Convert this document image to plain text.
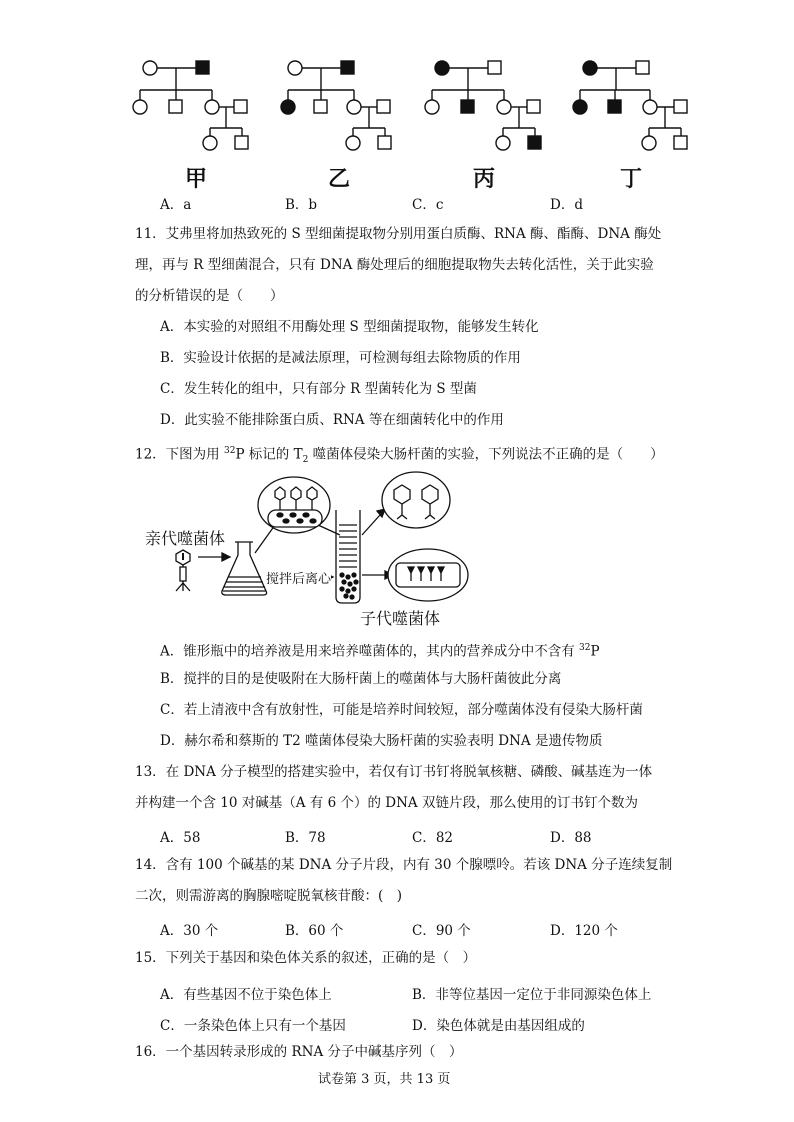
甲	乙	丙	丁
A．a	B．b	C．c	D．d
11．艾弗里将加热致死的 S 型细菌提取物分别用蛋白质酶、RNA 酶、酯酶、DNA 酶处
理，再与 R 型细菌混合，只有 DNA 酶处理后的细胞提取物失去转化活性，关于此实验
的分析错误的是（　　）
A．本实验的对照组不用酶处理 S 型细菌提取物，能够发生转化
B．实验设计依据的是减法原理，可检测每组去除物质的作用
C．发生转化的组中，只有部分 R 型菌转化为 S 型菌
D．此实验不能排除蛋白质、RNA 等在细菌转化中的作用
12．下图为用 $^{32}$P 标记的 $T_2$ 噬菌体侵染大肠杆菌的实验，下列说法不正确的是（　　）
亲代噬菌体
搅拌后离心
子代噬菌体
A．锥形瓶中的培养液是用来培养噬菌体的，其内的营养成分中不含有 $^{32}$P
B．搅拌的目的是使吸附在大肠杆菌上的噬菌体与大肠杆菌彼此分离
C．若上清液中含有放射性，可能是培养时间较短，部分噬菌体没有侵染大肠杆菌
D．赫尔希和蔡斯的 T2 噬菌体侵染大肠杆菌的实验表明 DNA 是遗传物质
13．在 DNA 分子模型的搭建实验中，若仅有订书钉将脱氧核糖、磷酸、碱基连为一体
并构建一个含 10 对碱基（A 有 6 个）的 DNA 双链片段，那么使用的订书钉个数为
A．58	B．78	C．82	D．88
14．含有 100 个碱基的某 DNA 分子片段，内有 30 个腺嘌呤。若该 DNA 分子连续复制
二次，则需游离的胸腺嘧啶脱氧核苷酸：(　)
A．30 个	B．60 个	C．90 个	D．120 个
15．下列关于基因和染色体关系的叙述，正确的是（　）
A．有些基因不位于染色体上	B．非等位基因一定位于非同源染色体上
C．一条染色体上只有一个基因	D．染色体就是由基因组成的
16．一个基因转录形成的 RNA 分子中碱基序列（　）
试卷第 3 页，共 13 页
